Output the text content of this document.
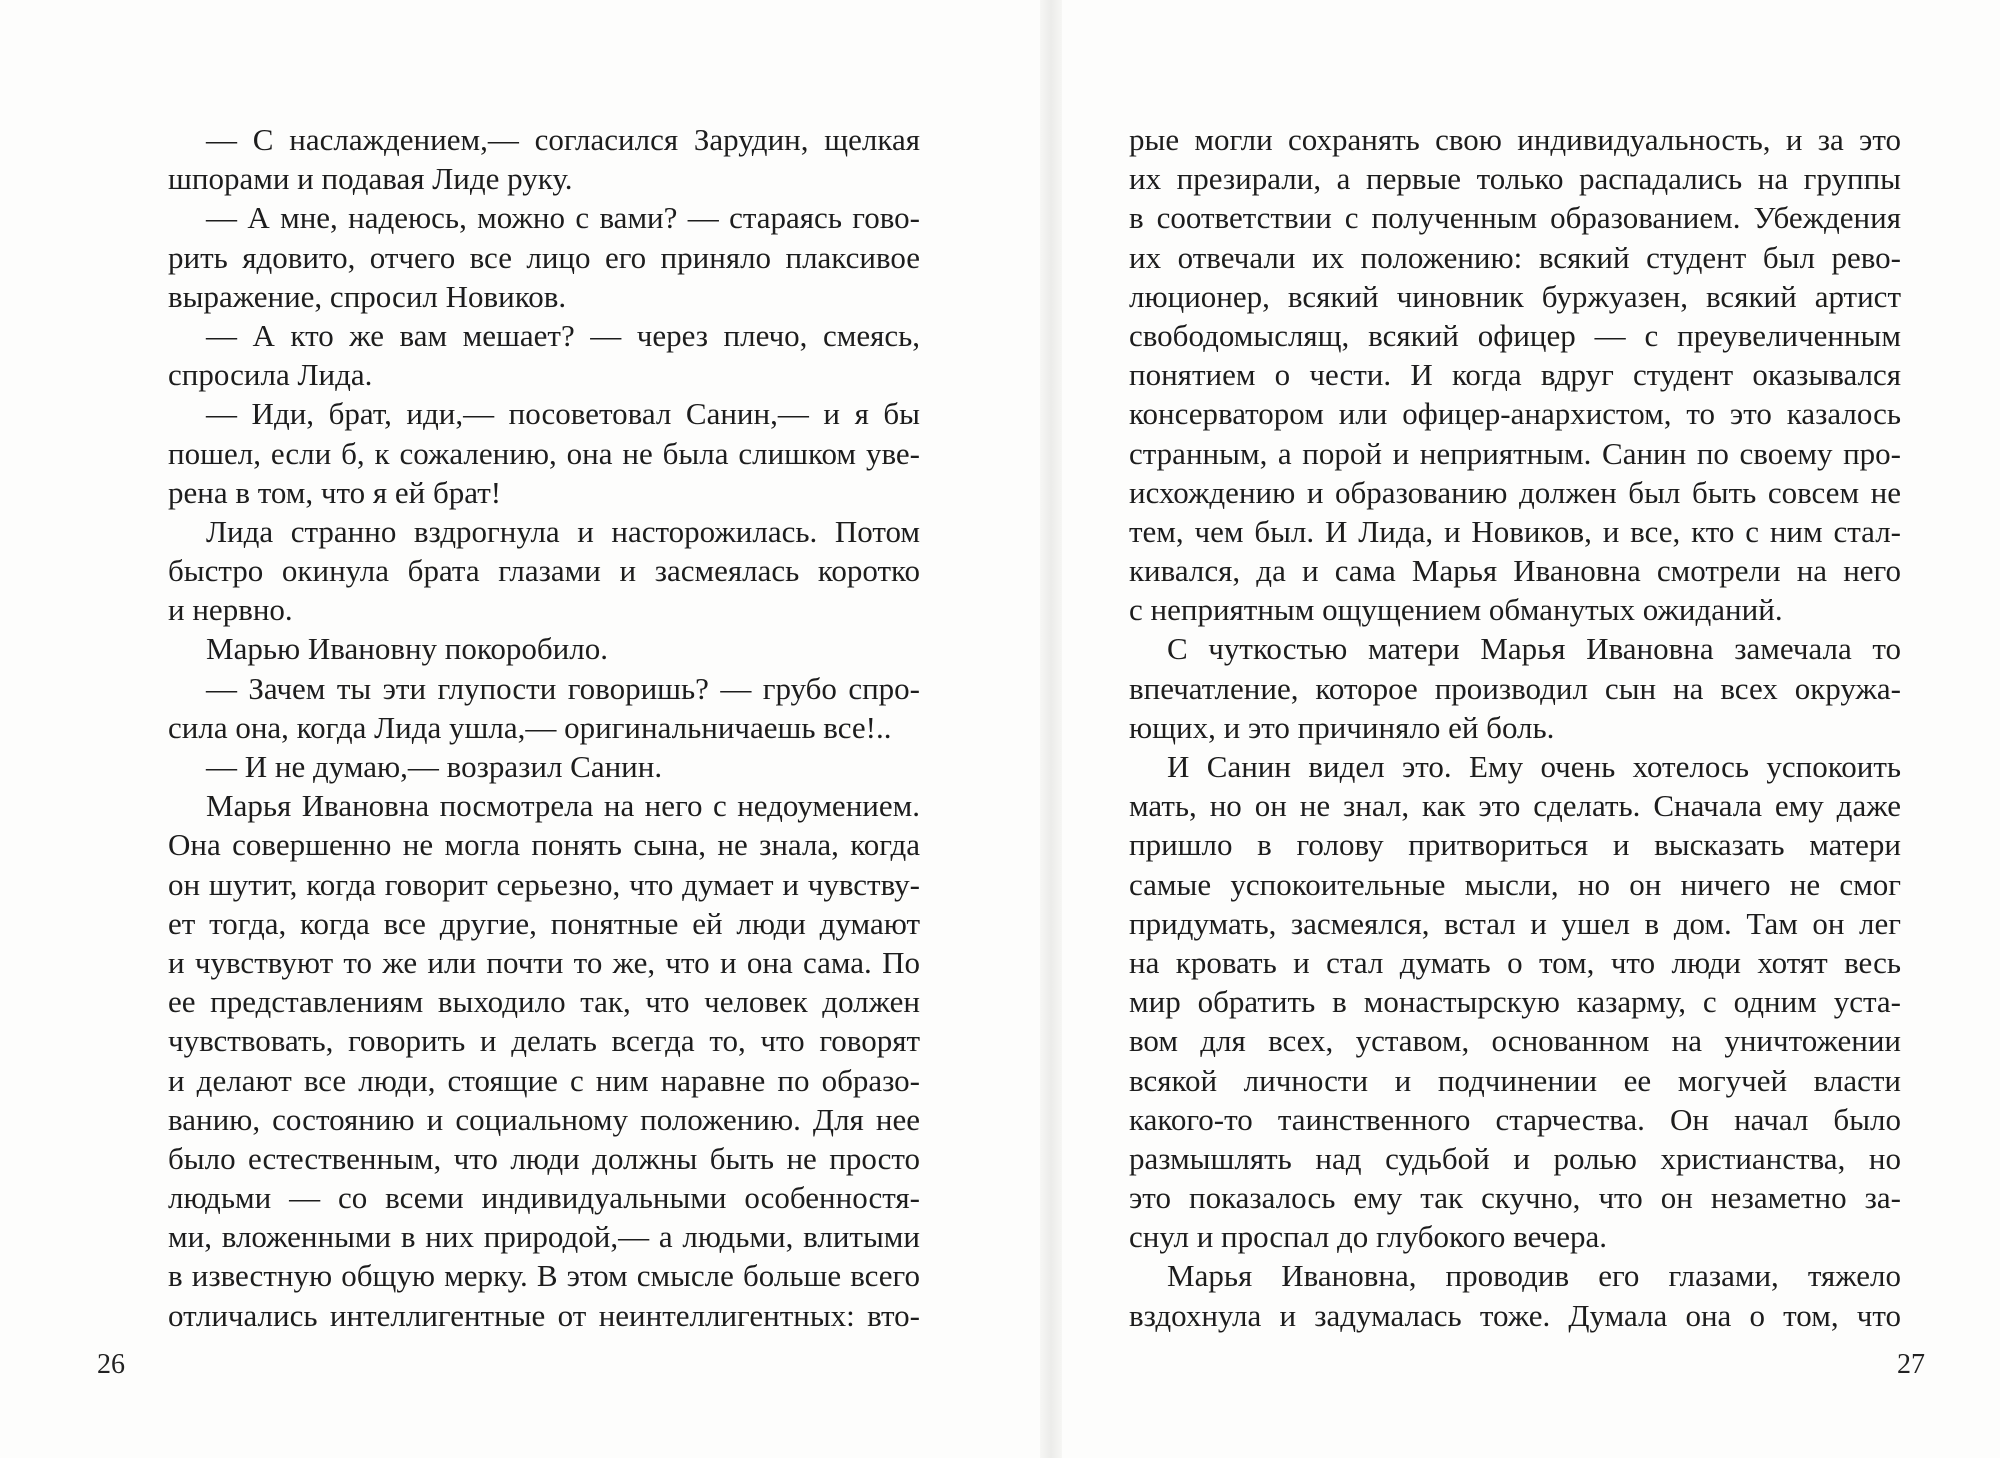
— С наслаждением,— согласился Зарудин, щелкая
шпорами и подавая Лиде руку.
— А мне, надеюсь, можно с вами? — стараясь гово-
рить ядовито, отчего все лицо его приняло плаксивое
выражение, спросил Новиков.
— А кто же вам мешает? — через плечо, смеясь,
спросила Лида.
— Иди, брат, иди,— посоветовал Санин,— и я бы
пошел, если б, к сожалению, она не была слишком уве-
рена в том, что я ей брат!
Лида странно вздрогнула и насторожилась. Потом
быстро окинула брата глазами и засмеялась коротко
и нервно.
Марью Ивановну покоробило.
— Зачем ты эти глупости говоришь? — грубо спро-
сила она, когда Лида ушла,— оригинальничаешь все!..
— И не думаю,— возразил Санин.
Марья Ивановна посмотрела на него с недоумением.
Она совершенно не могла понять сына, не знала, когда
он шутит, когда говорит серьезно, что думает и чувству-
ет тогда, когда все другие, понятные ей люди думают
и чувствуют то же или почти то же, что и она сама. По
ее представлениям выходило так, что человек должен
чувствовать, говорить и делать всегда то, что говорят
и делают все люди, стоящие с ним наравне по образо-
ванию, состоянию и социальному положению. Для нее
было естественным, что люди должны быть не просто
людьми — со всеми индивидуальными особенностя-
ми, вложенными в них природой,— а людьми, влитыми
в известную общую мерку. В этом смысле больше всего
отличались интеллигентные от неинтеллигентных: вто-
26
рые могли сохранять свою индивидуальность, и за это
их презирали, а первые только распадались на группы
в соответствии с полученным образованием. Убеждения
их отвечали их положению: всякий студент был рево-
люционер, всякий чиновник буржуазен, всякий артист
свободомыслящ, всякий офицер — с преувеличенным
понятием о чести. И когда вдруг студент оказывался
консерватором или офицер-анархистом, то это казалось
странным, а порой и неприятным. Санин по своему про-
исхождению и образованию должен был быть совсем не
тем, чем был. И Лида, и Новиков, и все, кто с ним стал-
кивался, да и сама Марья Ивановна смотрели на него
с неприятным ощущением обманутых ожиданий.
С чуткостью матери Марья Ивановна замечала то
впечатление, которое производил сын на всех окружа-
ющих, и это причиняло ей боль.
И Санин видел это. Ему очень хотелось успокоить
мать, но он не знал, как это сделать. Сначала ему даже
пришло в голову притвориться и высказать матери
самые успокоительные мысли, но он ничего не смог
придумать, засмеялся, встал и ушел в дом. Там он лег
на кровать и стал думать о том, что люди хотят весь
мир обратить в монастырскую казарму, с одним уста-
вом для всех, уставом, основанном на уничтожении
всякой личности и подчинении ее могучей власти
какого-то таинственного старчества. Он начал было
размышлять над судьбой и ролью христианства, но
это показалось ему так скучно, что он незаметно за-
снул и проспал до глубокого вечера.
Марья Ивановна, проводив его глазами, тяжело
вздохнула и задумалась тоже. Думала она о том, что
27
